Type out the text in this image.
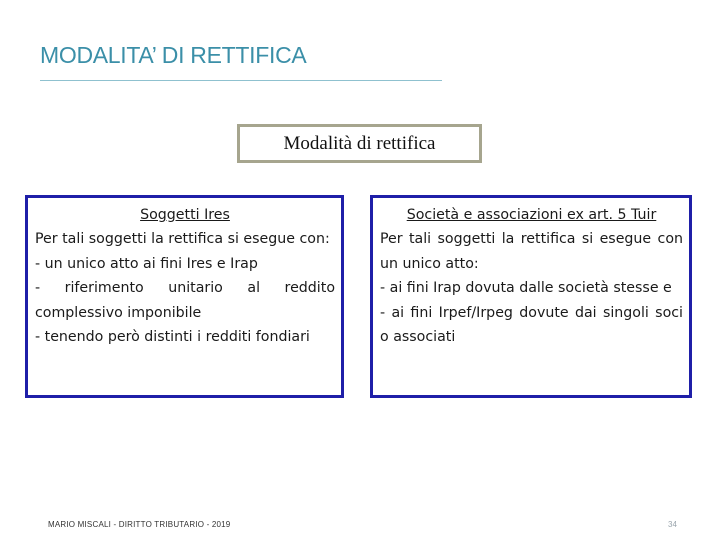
MODALITA’ DI RETTIFICA
Modalità di rettifica
Soggetti Ires
Per tali soggetti la rettifica si esegue con:
- un unico atto ai fini Ires e Irap
- riferimento unitario al reddito complessivo imponibile
- tenendo però distinti i redditi fondiari
Società e associazioni ex art. 5 Tuir
Per tali soggetti la rettifica si esegue con un unico atto:
- ai fini Irap dovuta dalle società stesse e
- ai fini Irpef/Irpeg dovute dai singoli soci o associati
MARIO MISCALI - DIRITTO TRIBUTARIO - 2019	34
